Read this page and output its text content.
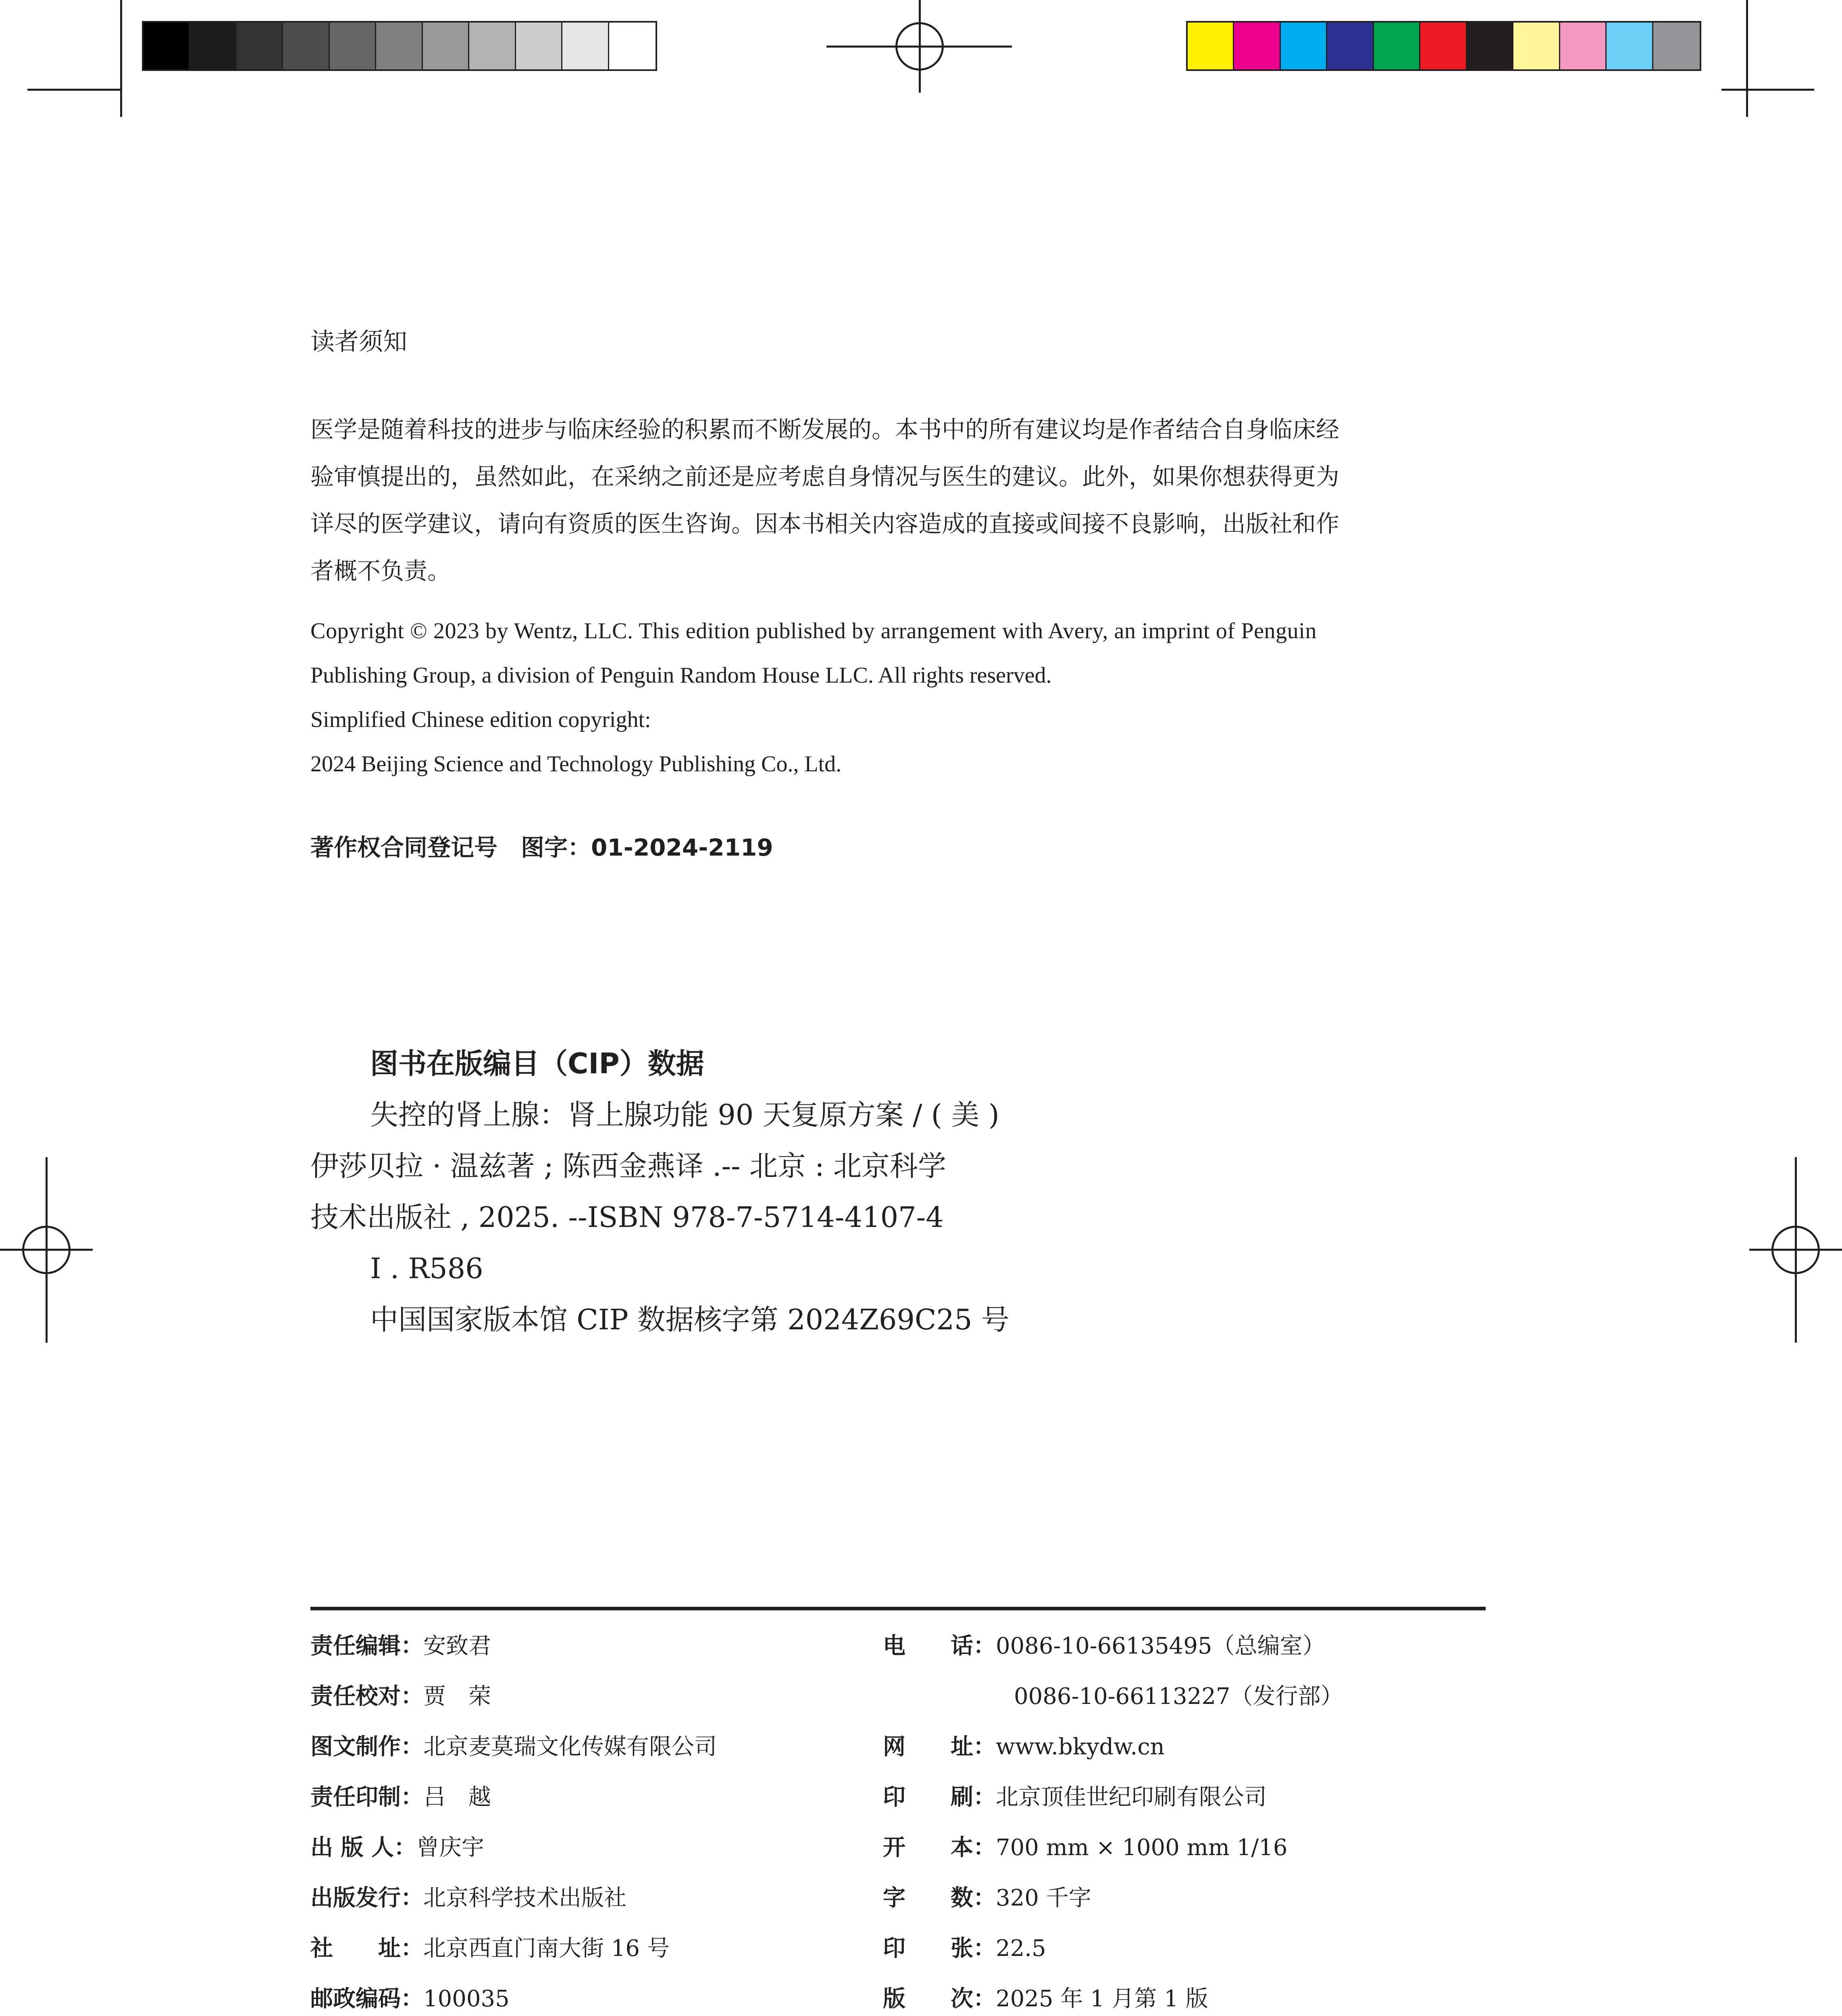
读者须知

医学是随着科技的进步与临床经验的积累而不断发展的。本书中的所有建议均是作者结合自身临床经

验审慎提出的，虽然如此，在采纳之前还是应考虑自身情况与医生的建议。此外，如果你想获得更为

详尽的医学建议，请向有资质的医生咨询。因本书相关内容造成的直接或间接不良影响，出版社和作

者概不负责。

Copyright © 2023 by Wentz, LLC. This edition published by arrangement with Avery, an imprint of Penguin

Publishing Group, a division of Penguin Random House LLC. All rights reserved.

Simplified Chinese edition copyright:

2024 Beijing Science and Technology Publishing Co., Ltd.

著作权合同登记号　图字：01-2024-2119
图书在版编目（CIP）数据
失控的肾上腺：肾上腺功能 90 天复原方案 / ( 美 )
伊莎贝拉 · 温兹著 ; 陈西金燕译 .-- 北京 : 北京科学
技术出版社 , 2025. --ISBN 978-7-5714-4107-4
Ⅰ . R586
中国国家版本馆 CIP 数据核字第 2024Z69C25 号
责任编辑：安致君
责任校对：贾　荣
图文制作：北京麦莫瑞文化传媒有限公司
责任印制：吕　越
出 版 人：曾庆宇
出版发行：北京科学技术出版社
社　　址：北京西直门南大街 16 号
邮政编码：100035
电　　话：0086-10-66135495（总编室）
0086-10-66113227（发行部）
网　　址：www.bkydw.cn
印　　刷：北京顶佳世纪印刷有限公司
开　　本：700 mm × 1000 mm 1/16
字　　数：320 千字
印　　张：22.5
版　　次：2025 年 1 月第 1 版
